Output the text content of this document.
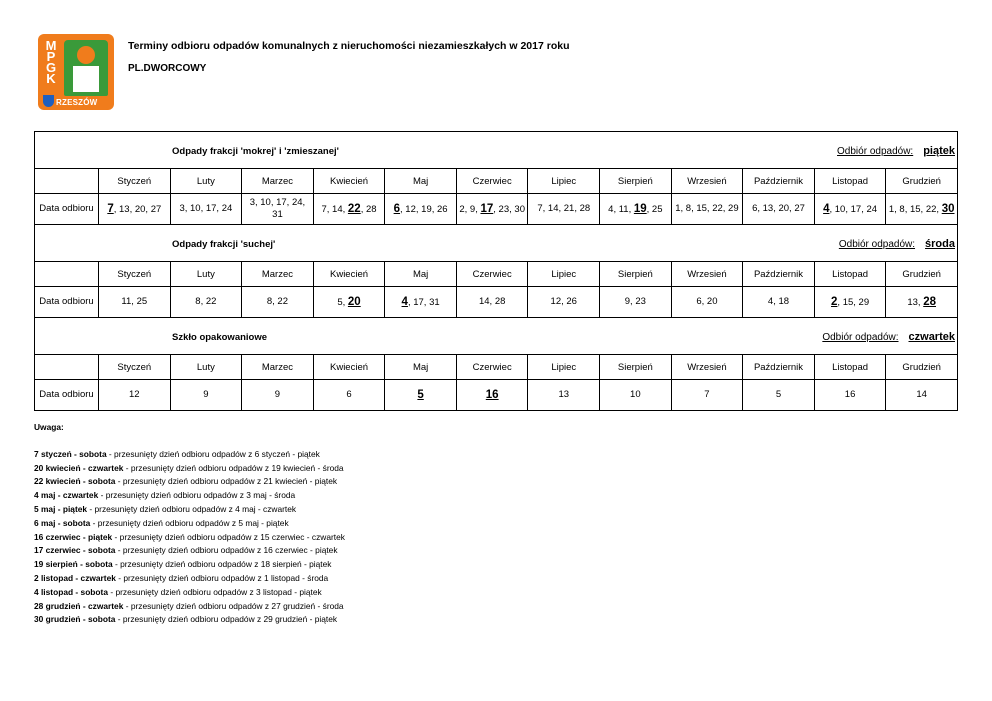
M
P
G
K
RZESZÓW
Terminy odbioru odpadów komunalnych z nieruchomości niezamieszkałych w 2017 roku
PL.DWORCOWY
Odpady frakcji 'mokrej' i 'zmieszanej' Odbiór odpadów: piątek												

	Styczeń	Luty	Marzec	Kwiecień	Maj	Czerwiec	Lipiec	Sierpień	Wrzesień	Październik	Listopad	Grudzień
Data odbioru	7, 13, 20, 27	3, 10, 17, 24	3, 10, 17, 24, 31	7, 14, 22, 28	6, 12, 19, 26	2, 9, 17, 23, 30	7, 14, 21, 28	4, 11, 19, 25	1, 8, 15, 22, 29	6, 13, 20, 27	4, 10, 17, 24	1, 8, 15, 22, 30

Odpady frakcji 'suchej' Odbiór odpadów: środa												

	Styczeń	Luty	Marzec	Kwiecień	Maj	Czerwiec	Lipiec	Sierpień	Wrzesień	Październik	Listopad	Grudzień
Data odbioru	11, 25	8, 22	8, 22	5, 20	4, 17, 31	14, 28	12, 26	9, 23	6, 20	4, 18	2, 15, 29	13, 28

Szkło opakowaniowe Odbiór odpadów: czwartek												

	Styczeń	Luty	Marzec	Kwiecień	Maj	Czerwiec	Lipiec	Sierpień	Wrzesień	Październik	Listopad	Grudzień
Data odbioru	12	9	9	6	5	16	13	10	7	5	16	14
Uwaga:
7 styczeń - sobota - przesunięty dzień odbioru odpadów z 6 styczeń - piątek
20 kwiecień - czwartek - przesunięty dzień odbioru odpadów z 19 kwiecień - środa
22 kwiecień - sobota - przesunięty dzień odbioru odpadów z 21 kwiecień - piątek
4 maj - czwartek - przesunięty dzień odbioru odpadów z 3 maj - środa
5 maj - piątek - przesunięty dzień odbioru odpadów z 4 maj - czwartek
6 maj - sobota - przesunięty dzień odbioru odpadów z 5 maj - piątek
16 czerwiec - piątek - przesunięty dzień odbioru odpadów z 15 czerwiec - czwartek
17 czerwiec - sobota - przesunięty dzień odbioru odpadów z 16 czerwiec - piątek
19 sierpień - sobota - przesunięty dzień odbioru odpadów z 18 sierpień - piątek
2 listopad - czwartek - przesunięty dzień odbioru odpadów z 1 listopad - środa
4 listopad - sobota - przesunięty dzień odbioru odpadów z 3 listopad - piątek
28 grudzień - czwartek - przesunięty dzień odbioru odpadów z 27 grudzień - środa
30 grudzień - sobota - przesunięty dzień odbioru odpadów z 29 grudzień - piątek
